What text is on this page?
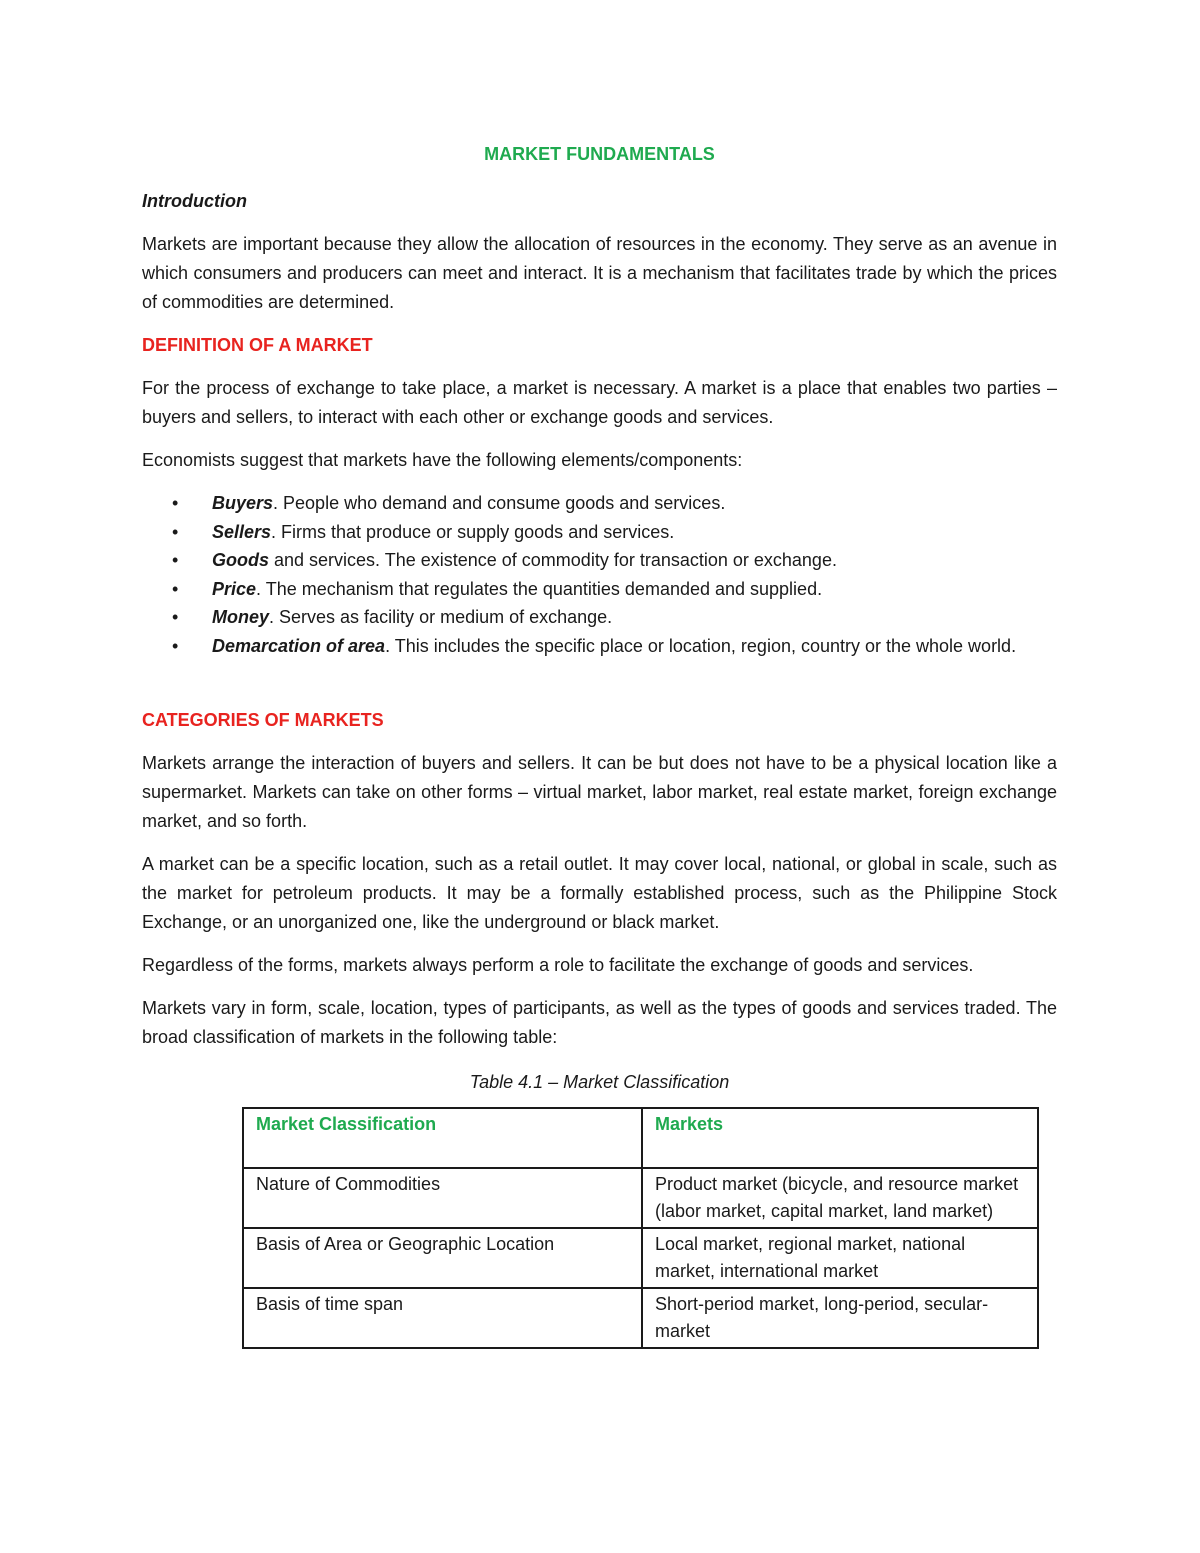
MARKET FUNDAMENTALS
Introduction

Markets are important because they allow the allocation of resources in the economy. They serve as an avenue in which consumers and producers can meet and interact. It is a mechanism that facilitates trade by which the prices of commodities are determined.

DEFINITION OF A MARKET

For the process of exchange to take place, a market is necessary. A market is a place that enables two parties – buyers and sellers, to interact with each other or exchange goods and services.

Economists suggest that markets have the following elements/components:

• Buyers. People who demand and consume goods and services.
• Sellers. Firms that produce or supply goods and services.
• Goods and services. The existence of commodity for transaction or exchange.
• Price. The mechanism that regulates the quantities demanded and supplied.
• Money. Serves as facility or medium of exchange.
• Demarcation of area. This includes the specific place or location, region, country or the whole world.
CATEGORIES OF MARKETS

Markets arrange the interaction of buyers and sellers. It can be but does not have to be a physical location like a supermarket. Markets can take on other forms – virtual market, labor market, real estate market, foreign exchange market, and so forth.

A market can be a specific location, such as a retail outlet. It may cover local, national, or global in scale, such as the market for petroleum products. It may be a formally established process, such as the Philippine Stock Exchange, or an unorganized one, like the underground or black market.

Regardless of the forms, markets always perform a role to facilitate the exchange of goods and services.

Markets vary in form, scale, location, types of participants, as well as the types of goods and services traded. The broad classification of markets in the following table:

Table 4.1 – Market Classification
Market Classification	Markets
Nature of Commodities	Product market (bicycle, and resource market (labor market, capital market, land market)
Basis of Area or Geographic Location	Local market, regional market, national market, international market
Basis of time span	Short-period market, long-period, secular-market
